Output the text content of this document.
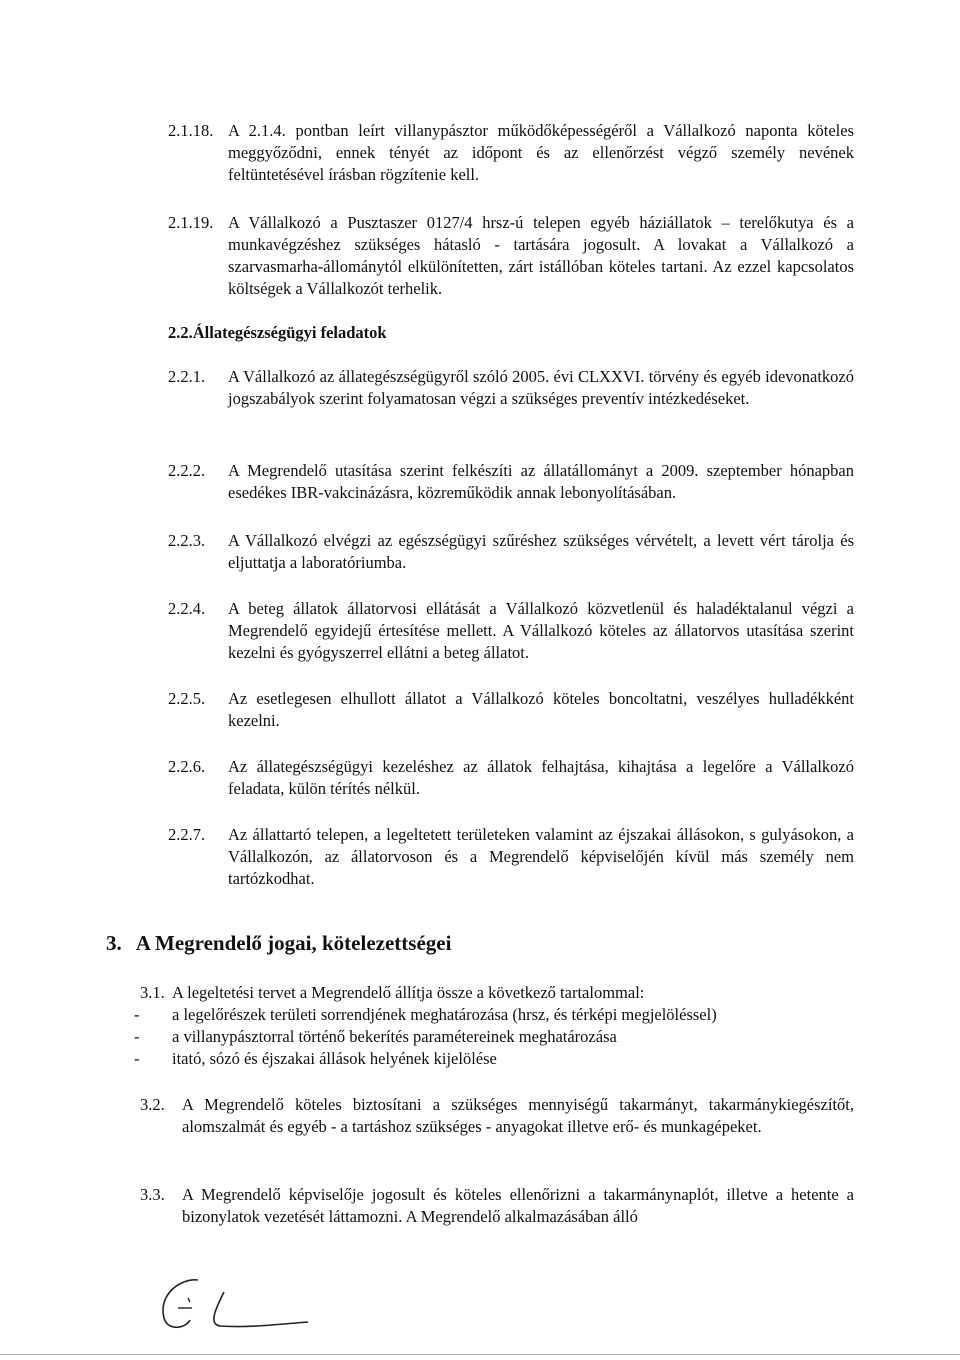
2.1.18. A 2.1.4. pontban leírt villanypásztor működőképességéről a Vállalkozó naponta köteles meggyőződni, ennek tényét az időpont és az ellenőrzést végző személy nevének feltüntetésével írásban rögzítenie kell.
2.1.19. A Vállalkozó a Pusztaszer 0127/4 hrsz-ú telepen egyéb háziállatok – terelőkutya és a munkavégzéshez szükséges hátasló - tartására jogosult. A lovakat a Vállalkozó a szarvasmarha-állománytól elkülönítetten, zárt istállóban köteles tartani. Az ezzel kapcsolatos költségek a Vállalkozót terhelik.
2.2.Állategészségügyi feladatok
2.2.1. A Vállalkozó az állategészségügyről szóló 2005. évi CLXXVI. törvény és egyéb idevonatkozó jogszabályok szerint folyamatosan végzi a szükséges preventív intézkedéseket.
2.2.2. A Megrendelő utasítása szerint felkészíti az állatállományt a 2009. szeptember hónapban esedékes IBR-vakcinázásra, közreműködik annak lebonyolításában.
2.2.3. A Vállalkozó elvégzi az egészségügyi szűréshez szükséges vérvételt, a levett vért tárolja és eljuttatja a laboratóriumba.
2.2.4. A beteg állatok állatorvosi ellátását a Vállalkozó közvetlenül és haladéktalanul végzi a Megrendelő egyidejű értesítése mellett. A Vállalkozó köteles az állatorvos utasítása szerint kezelni és gyógyszerrel ellátni a beteg állatot.
2.2.5. Az esetlegesen elhullott állatot a Vállalkozó köteles boncoltatni, veszélyes hulladékként kezelni.
2.2.6. Az állategészségügyi kezeléshez az állatok felhajtása, kihajtása a legelőre a Vállalkozó feladata, külön térítés nélkül.
2.2.7. Az állattartó telepen, a legeltetett területeken valamint az éjszakai állásokon, s gulyásokon, a Vállalkozón, az állatorvoson és a Megrendelő képviselőjén kívül más személy nem tartózkodhat.
3. A Megrendelő jogai, kötelezettségei
3.1. A legeltetési tervet a Megrendelő állítja össze a következő tartalommal:
- a legelőrészek területi sorrendjének meghatározása (hrsz, és térképi megjelöléssel)
- a villanypásztorral történő bekerítés paramétereinek meghatározása
- itató, sózó és éjszakai állások helyének kijelölése
3.2. A Megrendelő köteles biztosítani a szükséges mennyiségű takarmányt, takarmánykiegészítőt, alomszalmát és egyéb - a tartáshoz szükséges - anyagokat illetve erő- és munkagépeket.
3.3. A Megrendelő képviselője jogosult és köteles ellenőrizni a takarmánynaplót, illetve a hetente a bizonylatok vezetését láttamozni. A Megrendelő alkalmazásában álló
